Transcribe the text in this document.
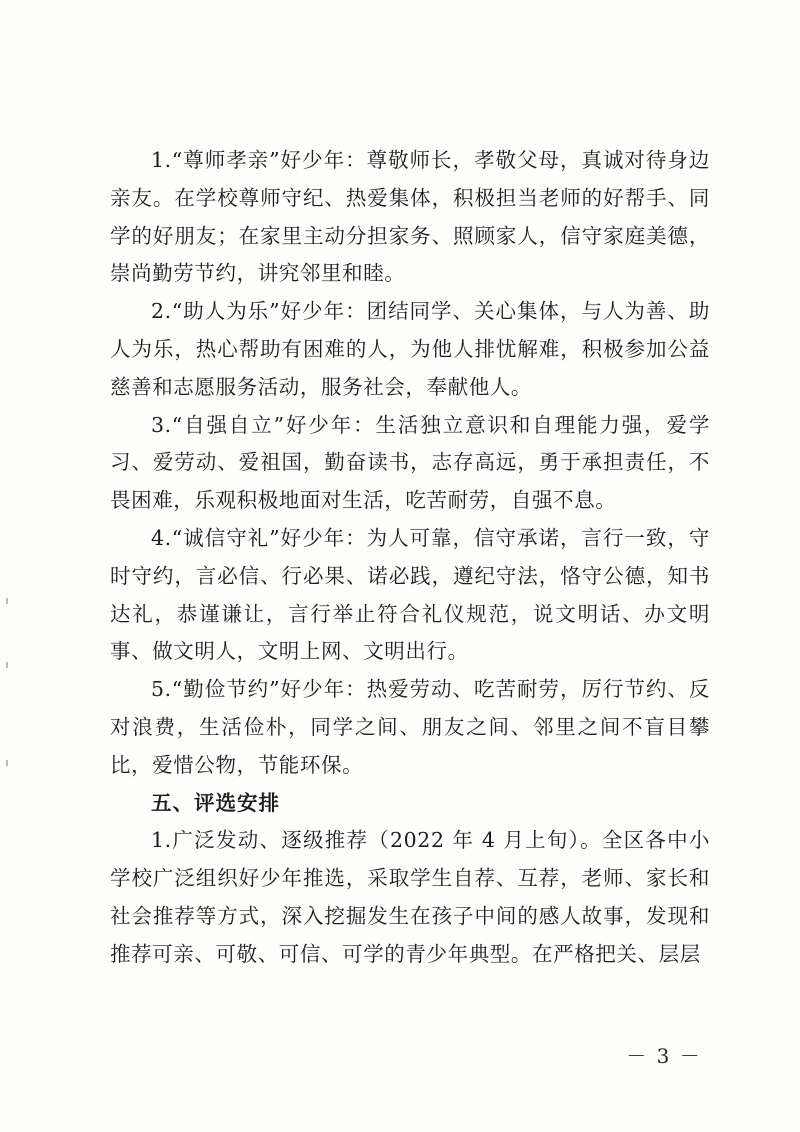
1.“尊师孝亲”好少年：尊敬师长，孝敬父母，真诚对待身边亲友。在学校尊师守纪、热爱集体，积极担当老师的好帮手、同学的好朋友；在家里主动分担家务、照顾家人，信守家庭美德，崇尚勤劳节约，讲究邻里和睦。

2.“助人为乐”好少年：团结同学、关心集体，与人为善、助人为乐，热心帮助有困难的人，为他人排忧解难，积极参加公益慈善和志愿服务活动，服务社会，奉献他人。

3.“自强自立”好少年：生活独立意识和自理能力强，爱学习、爱劳动、爱祖国，勤奋读书，志存高远，勇于承担责任，不畏困难，乐观积极地面对生活，吃苦耐劳，自强不息。

4.“诚信守礼”好少年：为人可靠，信守承诺，言行一致，守时守约，言必信、行必果、诺必践，遵纪守法，恪守公德，知书达礼，恭谨谦让，言行举止符合礼仪规范，说文明话、办文明事、做文明人，文明上网、文明出行。

5.“勤俭节约”好少年：热爱劳动、吃苦耐劳，厉行节约、反对浪费，生活俭朴，同学之间、朋友之间、邻里之间不盲目攀比，爱惜公物，节能环保。

五、评选安排

1.广泛发动、逐级推荐（2022 年 4 月上旬）。全区各中小学校广泛组织好少年推选，采取学生自荐、互荐，老师、家长和社会推荐等方式，深入挖掘发生在孩子中间的感人故事，发现和推荐可亲、可敬、可信、可学的青少年典型。在严格把关、层层

－ 3 －
